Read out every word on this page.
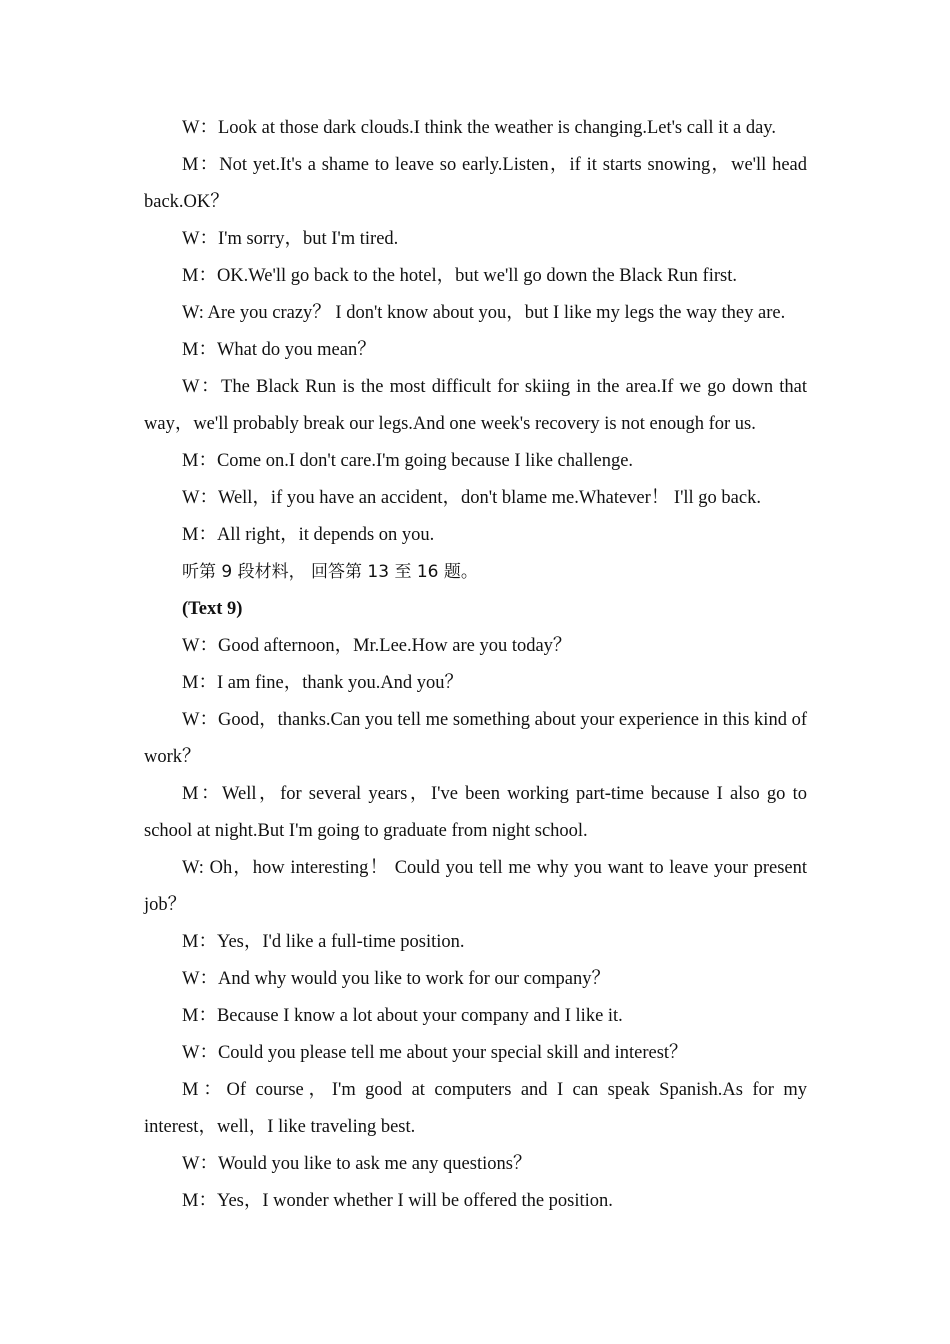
W：Look at those dark clouds.I think the weather is changing.Let's call it a day.

M：Not yet.It's a shame to leave so early.Listen，if it starts snowing，we'll head back.OK？

W：I'm sorry，but I'm tired.

M：OK.We'll go back to the hotel，but we'll go down the Black Run first.

W: Are you crazy？ I don't know about you，but I like my legs the way they are.

M：What do you mean？

W：The Black Run is the most difficult for skiing in the area.If we go down that way，we'll probably break our legs.And one week's recovery is not enough for us.

M：Come on.I don't care.I'm going because I like challenge.

W：Well，if you have an accident，don't blame me.Whatever！ I'll go back.

M：All right，it depends on you.

听第 9 段材料， 回答第 13 至 16 题。

(Text 9)

W：Good afternoon，Mr.Lee.How are you today？

M：I am fine，thank you.And you？

W：Good，thanks.Can you tell me something about your experience in this kind of work？

M：Well，for several years，I've been working part‑time because I also go to school at night.But I'm going to graduate from night school.

W: Oh，how interesting！ Could you tell me why you want to leave your present job？

M：Yes，I'd like a full‑time position.

W：And why would you like to work for our company？

M：Because I know a lot about your company and I like it.

W：Could you please tell me about your special skill and interest？

M：Of course，I'm good at computers and I can speak Spanish.As for my interest，well，I like traveling best.

W：Would you like to ask me any questions？

M：Yes，I wonder whether I will be offered the position.
